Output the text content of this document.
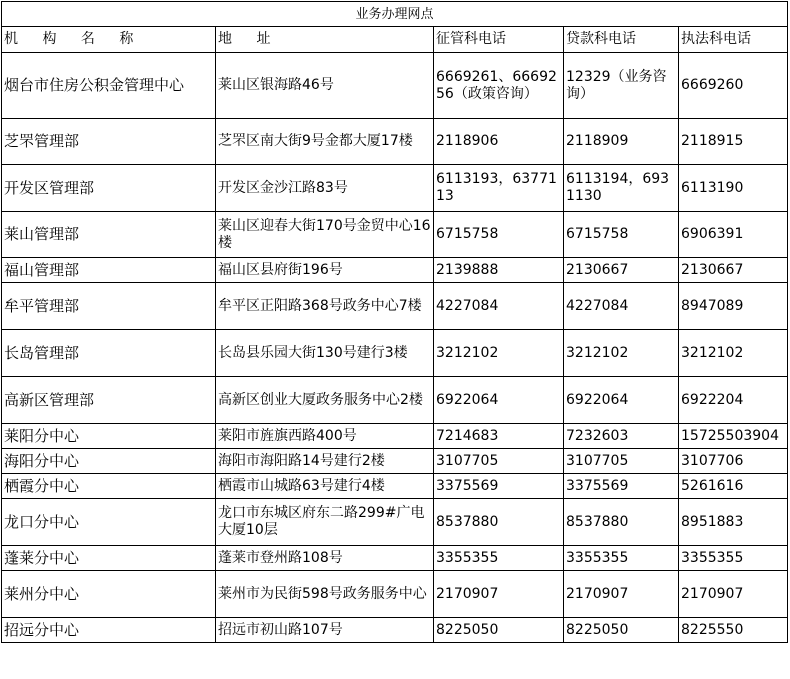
业务办理网点				
机 构 名 称	地 址	征管科电话	贷款科电话	执法科电话
烟台市住房公积金管理中心	莱山区银海路46号	6669261、6669256（政策咨询）	12329（业务咨询）	6669260
芝罘管理部	芝罘区南大街9号金都大厦17楼	2118906	2118909	2118915
开发区管理部	开发区金沙江路83号	6113193，6377113	6113194，6931130	6113190
莱山管理部	莱山区迎春大街170号金贸中心16楼	6715758	6715758	6906391
福山管理部	福山区县府街196号	2139888	2130667	2130667
牟平管理部	牟平区正阳路368号政务中心7楼	4227084	4227084	8947089
长岛管理部	长岛县乐园大街130号建行3楼	3212102	3212102	3212102
高新区管理部	高新区创业大厦政务服务中心2楼	6922064	6922064	6922204
莱阳分中心	莱阳市旌旗西路400号	7214683	7232603	15725503904
海阳分中心	海阳市海阳路14号建行2楼	3107705	3107705	3107706
栖霞分中心	栖霞市山城路63号建行4楼	3375569	3375569	5261616
龙口分中心	龙口市东城区府东二路299#广电大厦10层	8537880	8537880	8951883
蓬莱分中心	蓬莱市登州路108号	3355355	3355355	3355355
莱州分中心	莱州市为民街598号政务服务中心	2170907	2170907	2170907
招远分中心	招远市初山路107号	8225050	8225050	8225550
